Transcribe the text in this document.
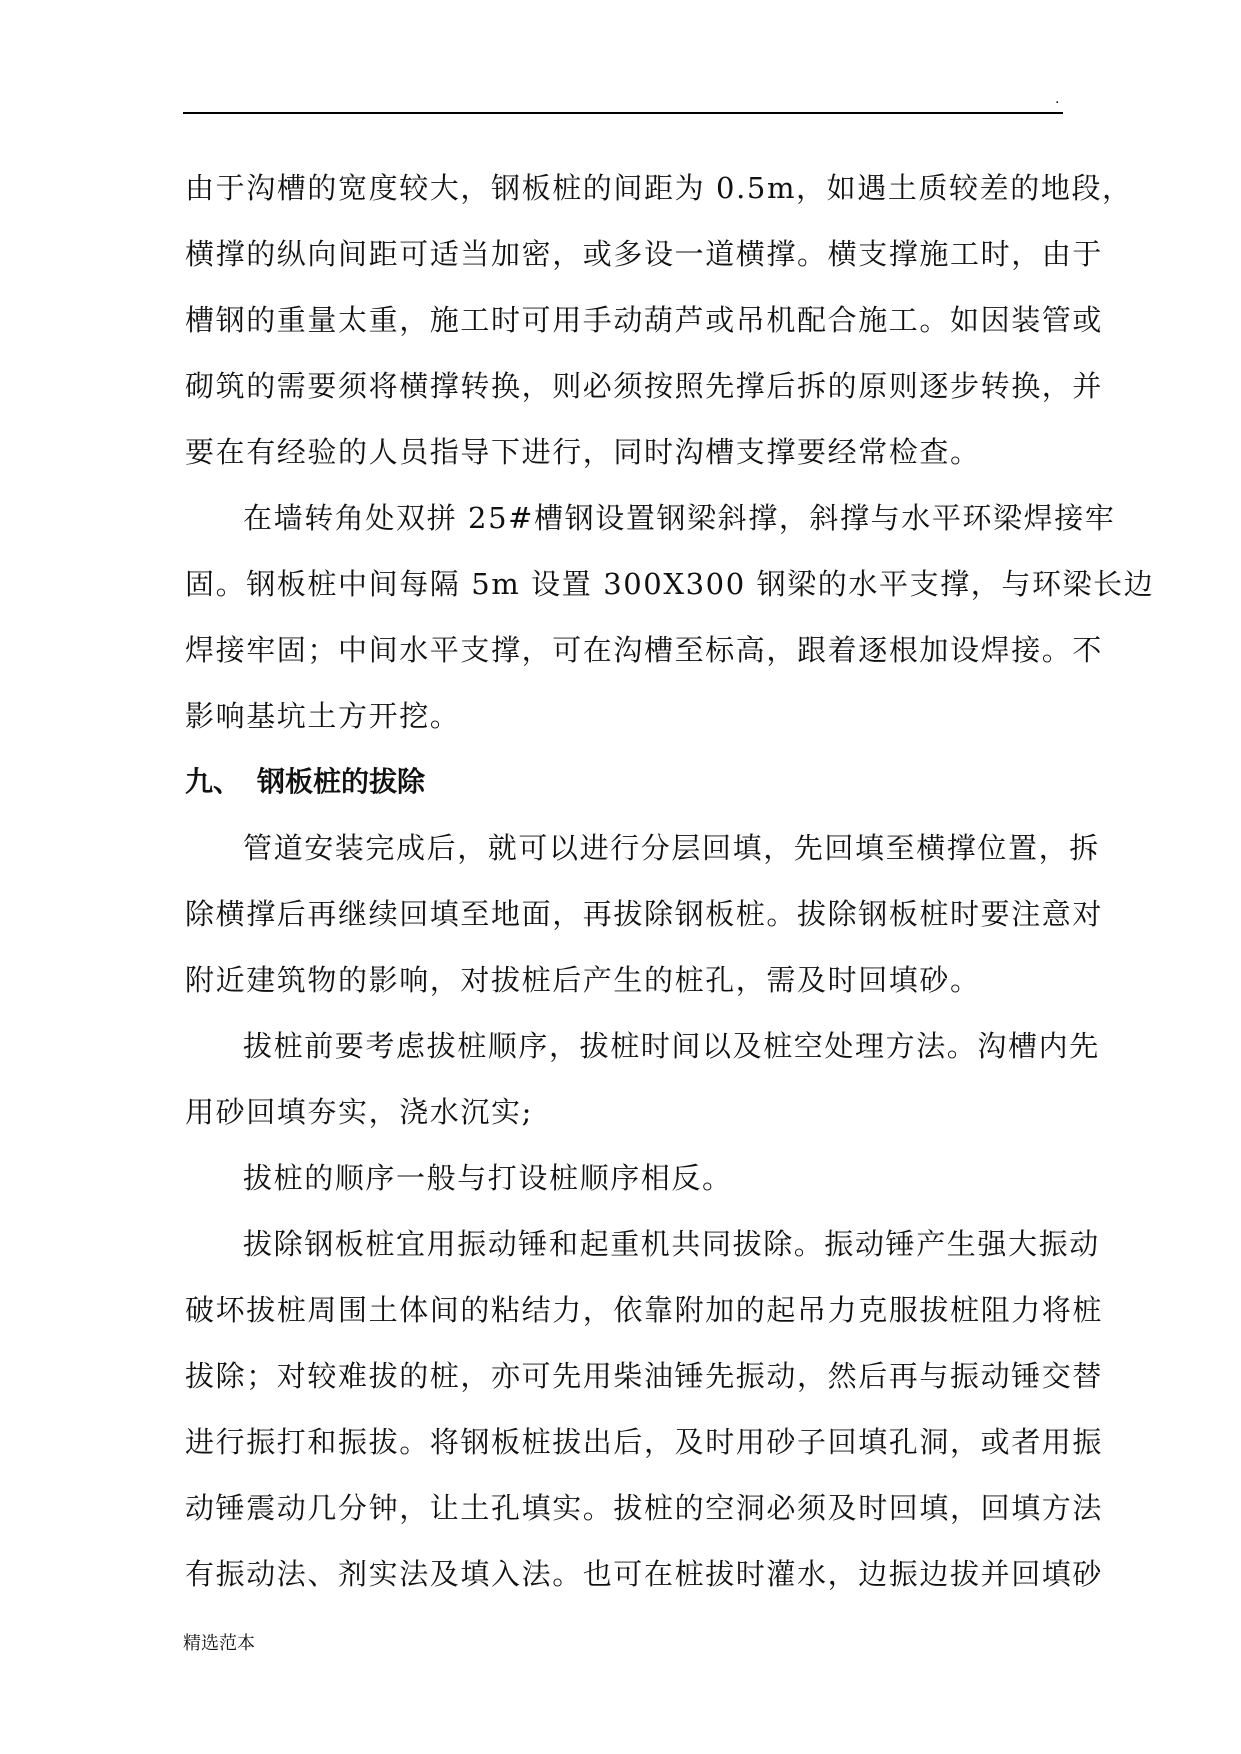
.
由于沟槽的宽度较大，钢板桩的间距为 0.5m，如遇土质较差的地段，
横撑的纵向间距可适当加密，或多设一道横撑。横支撑施工时，由于
槽钢的重量太重，施工时可用手动葫芦或吊机配合施工。如因装管或
砌筑的需要须将横撑转换，则必须按照先撑后拆的原则逐步转换，并
要在有经验的人员指导下进行，同时沟槽支撑要经常检查。
在墙转角处双拼 25#槽钢设置钢梁斜撑，斜撑与水平环梁焊接牢
固。钢板桩中间每隔 5m 设置 300X300 钢梁的水平支撑，与环梁长边
焊接牢固；中间水平支撑，可在沟槽至标高，跟着逐根加设焊接。不
影响基坑土方开挖。
九、 钢板桩的拔除
管道安装完成后，就可以进行分层回填，先回填至横撑位置，拆
除横撑后再继续回填至地面，再拔除钢板桩。拔除钢板桩时要注意对
附近建筑物的影响，对拔桩后产生的桩孔，需及时回填砂。
拔桩前要考虑拔桩顺序，拔桩时间以及桩空处理方法。沟槽内先
用砂回填夯实，浇水沉实;
拔桩的顺序一般与打设桩顺序相反。
拔除钢板桩宜用振动锤和起重机共同拔除。振动锤产生强大振动
破坏拔桩周围土体间的粘结力，依靠附加的起吊力克服拔桩阻力将桩
拔除；对较难拔的桩，亦可先用柴油锤先振动，然后再与振动锤交替
进行振打和振拔。将钢板桩拔出后，及时用砂子回填孔洞，或者用振
动锤震动几分钟，让土孔填实。拔桩的空洞必须及时回填，回填方法
有振动法、剂实法及填入法。也可在桩拔时灌水，边振边拔并回填砂
精选范本
